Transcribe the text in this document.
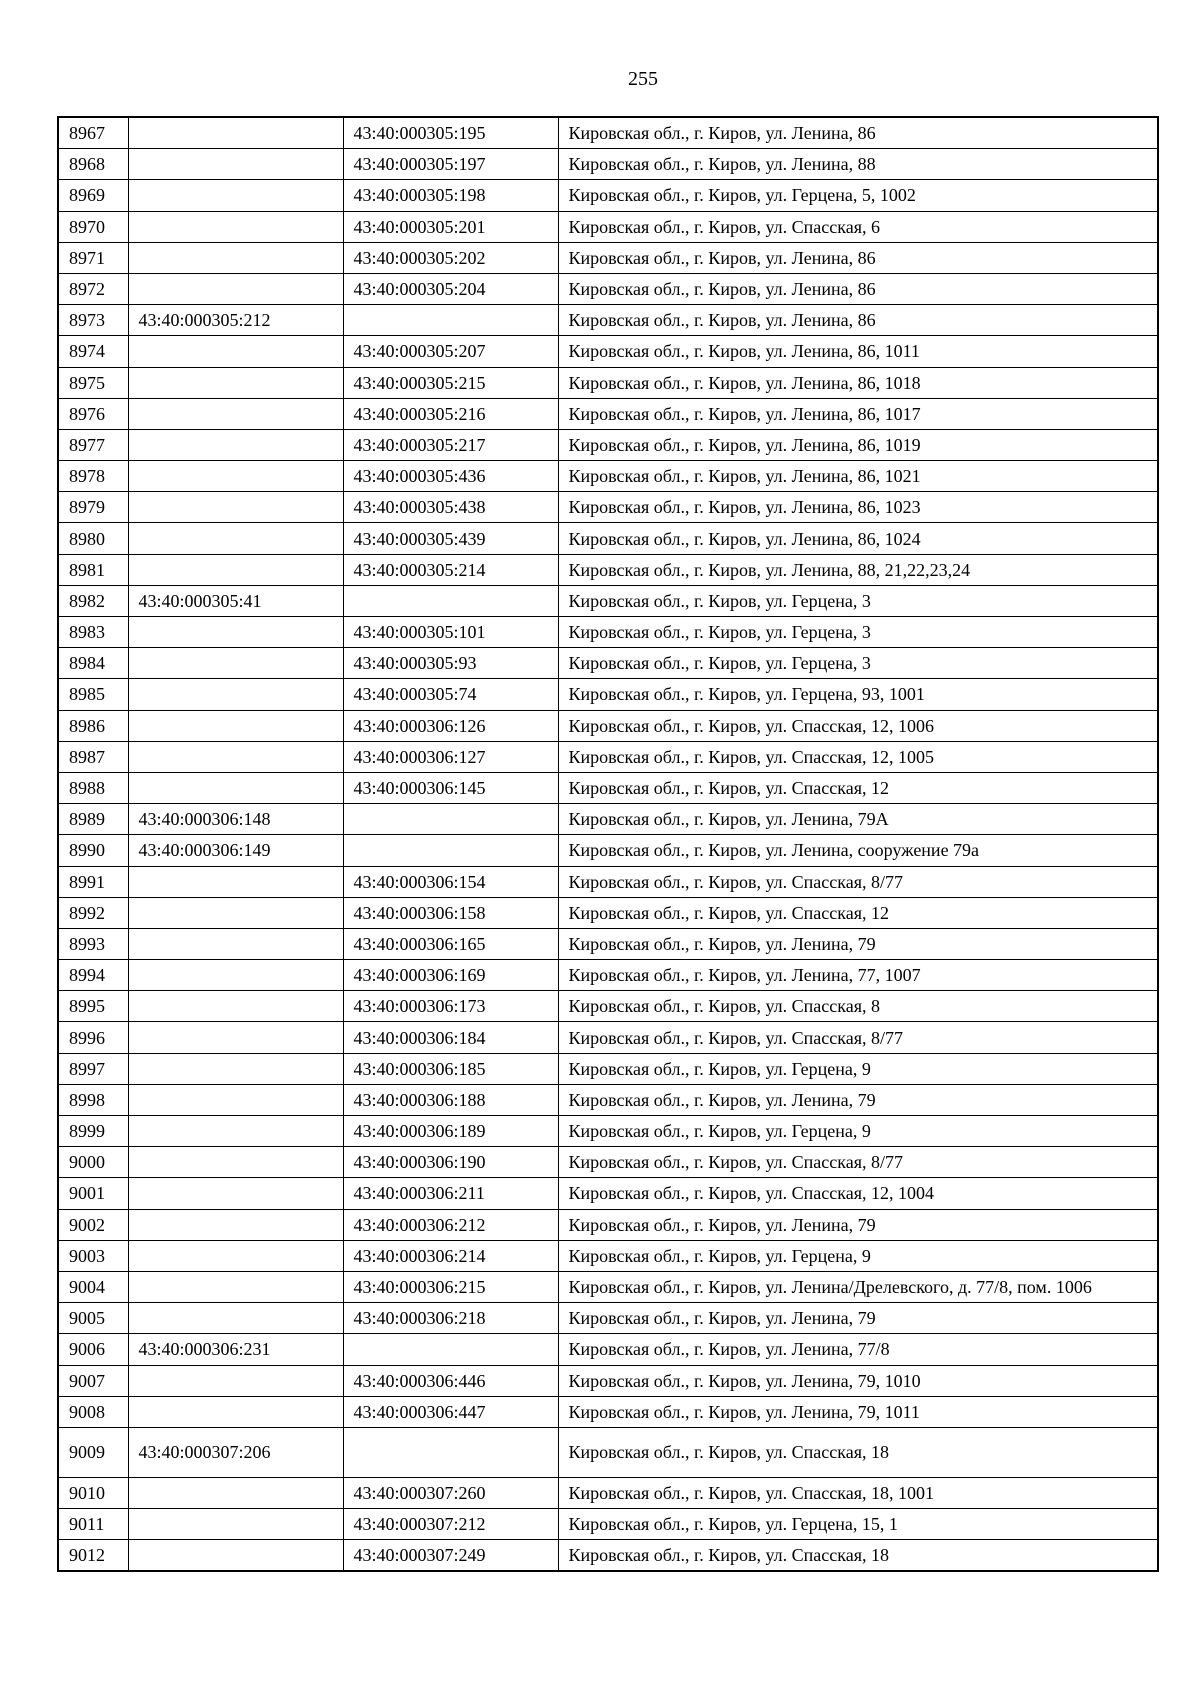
255
8967		43:40:000305:195	Кировская обл., г. Киров, ул. Ленина, 86
8968		43:40:000305:197	Кировская обл., г. Киров, ул. Ленина, 88
8969		43:40:000305:198	Кировская обл., г. Киров, ул. Герцена, 5, 1002
8970		43:40:000305:201	Кировская обл., г. Киров, ул. Спасская, 6
8971		43:40:000305:202	Кировская обл., г. Киров, ул. Ленина, 86
8972		43:40:000305:204	Кировская обл., г. Киров, ул. Ленина, 86
8973	43:40:000305:212		Кировская обл., г. Киров, ул. Ленина, 86
8974		43:40:000305:207	Кировская обл., г. Киров, ул. Ленина, 86, 1011
8975		43:40:000305:215	Кировская обл., г. Киров, ул. Ленина, 86, 1018
8976		43:40:000305:216	Кировская обл., г. Киров, ул. Ленина, 86, 1017
8977		43:40:000305:217	Кировская обл., г. Киров, ул. Ленина, 86, 1019
8978		43:40:000305:436	Кировская обл., г. Киров, ул. Ленина, 86, 1021
8979		43:40:000305:438	Кировская обл., г. Киров, ул. Ленина, 86, 1023
8980		43:40:000305:439	Кировская обл., г. Киров, ул. Ленина, 86, 1024
8981		43:40:000305:214	Кировская обл., г. Киров, ул. Ленина, 88, 21,22,23,24
8982	43:40:000305:41		Кировская обл., г. Киров, ул. Герцена, 3
8983		43:40:000305:101	Кировская обл., г. Киров, ул. Герцена, 3
8984		43:40:000305:93	Кировская обл., г. Киров, ул. Герцена, 3
8985		43:40:000305:74	Кировская обл., г. Киров, ул. Герцена, 93, 1001
8986		43:40:000306:126	Кировская обл., г. Киров, ул. Спасская, 12, 1006
8987		43:40:000306:127	Кировская обл., г. Киров, ул. Спасская, 12, 1005
8988		43:40:000306:145	Кировская обл., г. Киров, ул. Спасская, 12
8989	43:40:000306:148		Кировская обл., г. Киров, ул. Ленина, 79А
8990	43:40:000306:149		Кировская обл., г. Киров, ул. Ленина, сооружение 79а
8991		43:40:000306:154	Кировская обл., г. Киров, ул. Спасская, 8/77
8992		43:40:000306:158	Кировская обл., г. Киров, ул. Спасская, 12
8993		43:40:000306:165	Кировская обл., г. Киров, ул. Ленина, 79
8994		43:40:000306:169	Кировская обл., г. Киров, ул. Ленина, 77, 1007
8995		43:40:000306:173	Кировская обл., г. Киров, ул. Спасская, 8
8996		43:40:000306:184	Кировская обл., г. Киров, ул. Спасская, 8/77
8997		43:40:000306:185	Кировская обл., г. Киров, ул. Герцена, 9
8998		43:40:000306:188	Кировская обл., г. Киров, ул. Ленина, 79
8999		43:40:000306:189	Кировская обл., г. Киров, ул. Герцена, 9
9000		43:40:000306:190	Кировская обл., г. Киров, ул. Спасская, 8/77
9001		43:40:000306:211	Кировская обл., г. Киров, ул. Спасская, 12, 1004
9002		43:40:000306:212	Кировская обл., г. Киров, ул. Ленина, 79
9003		43:40:000306:214	Кировская обл., г. Киров, ул. Герцена, 9
9004		43:40:000306:215	Кировская обл., г. Киров, ул. Ленина/Дрелевского, д. 77/8, пом. 1006
9005		43:40:000306:218	Кировская обл., г. Киров, ул. Ленина, 79
9006	43:40:000306:231		Кировская обл., г. Киров, ул. Ленина, 77/8
9007		43:40:000306:446	Кировская обл., г. Киров, ул. Ленина, 79, 1010
9008		43:40:000306:447	Кировская обл., г. Киров, ул. Ленина, 79, 1011
9009	43:40:000307:206		Кировская обл., г. Киров, ул. Спасская, 18
9010		43:40:000307:260	Кировская обл., г. Киров, ул. Спасская, 18, 1001
9011		43:40:000307:212	Кировская обл., г. Киров, ул. Герцена, 15, 1
9012		43:40:000307:249	Кировская обл., г. Киров, ул. Спасская, 18
